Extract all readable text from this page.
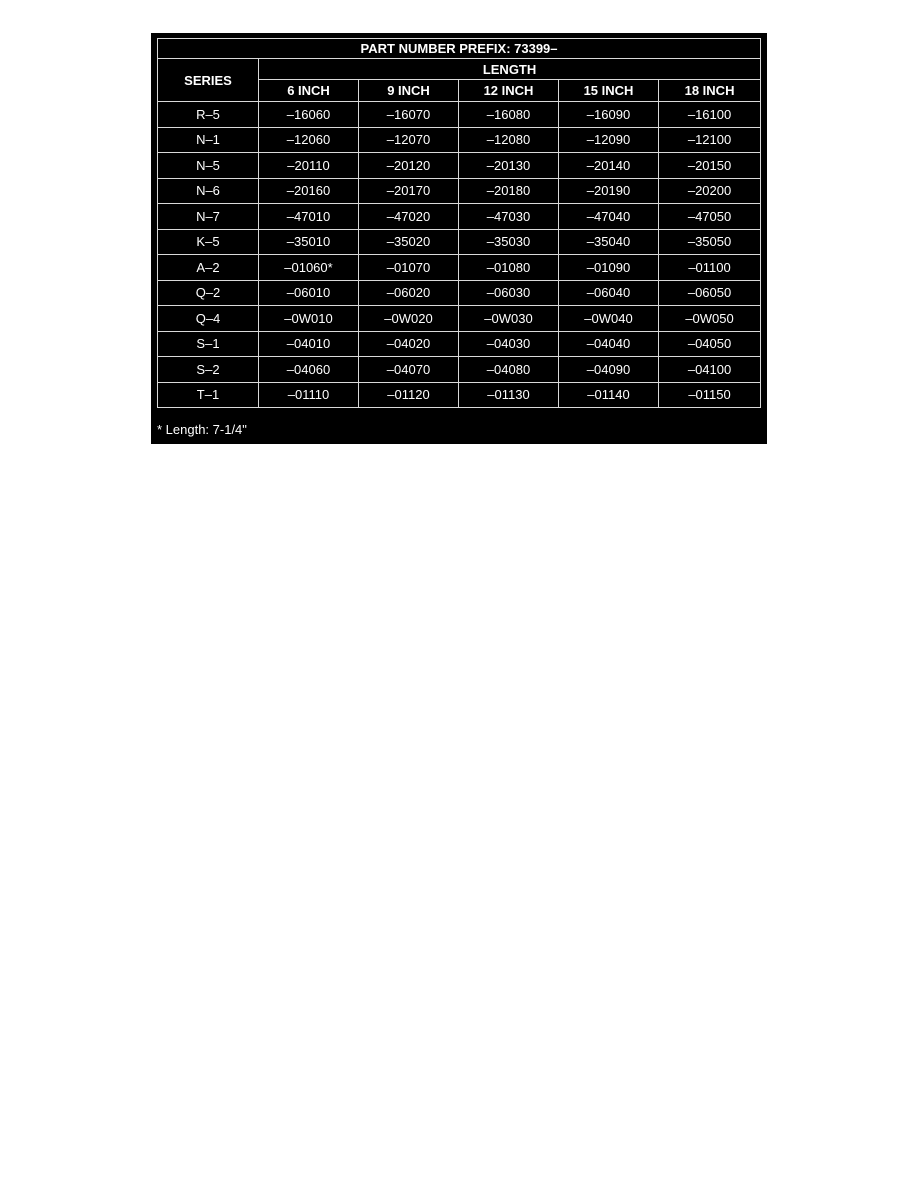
PART NUMBER PREFIX: 73399–					
SERIES	LENGTH				
	6 INCH	9 INCH	12 INCH	15 INCH	18 INCH
R–5	–16060	–16070	–16080	–16090	–16100
N–1	–12060	–12070	–12080	–12090	–12100
N–5	–20110	–20120	–20130	–20140	–20150
N–6	–20160	–20170	–20180	–20190	–20200
N–7	–47010	–47020	–47030	–47040	–47050
K–5	–35010	–35020	–35030	–35040	–35050
A–2	–01060*	–01070	–01080	–01090	–01100
Q–2	–06010	–06020	–06030	–06040	–06050
Q–4	–0W010	–0W020	–0W030	–0W040	–0W050
S–1	–04010	–04020	–04030	–04040	–04050
S–2	–04060	–04070	–04080	–04090	–04100
T–1	–01110	–01120	–01130	–01140	–01150
* Length: 7-1/4"
